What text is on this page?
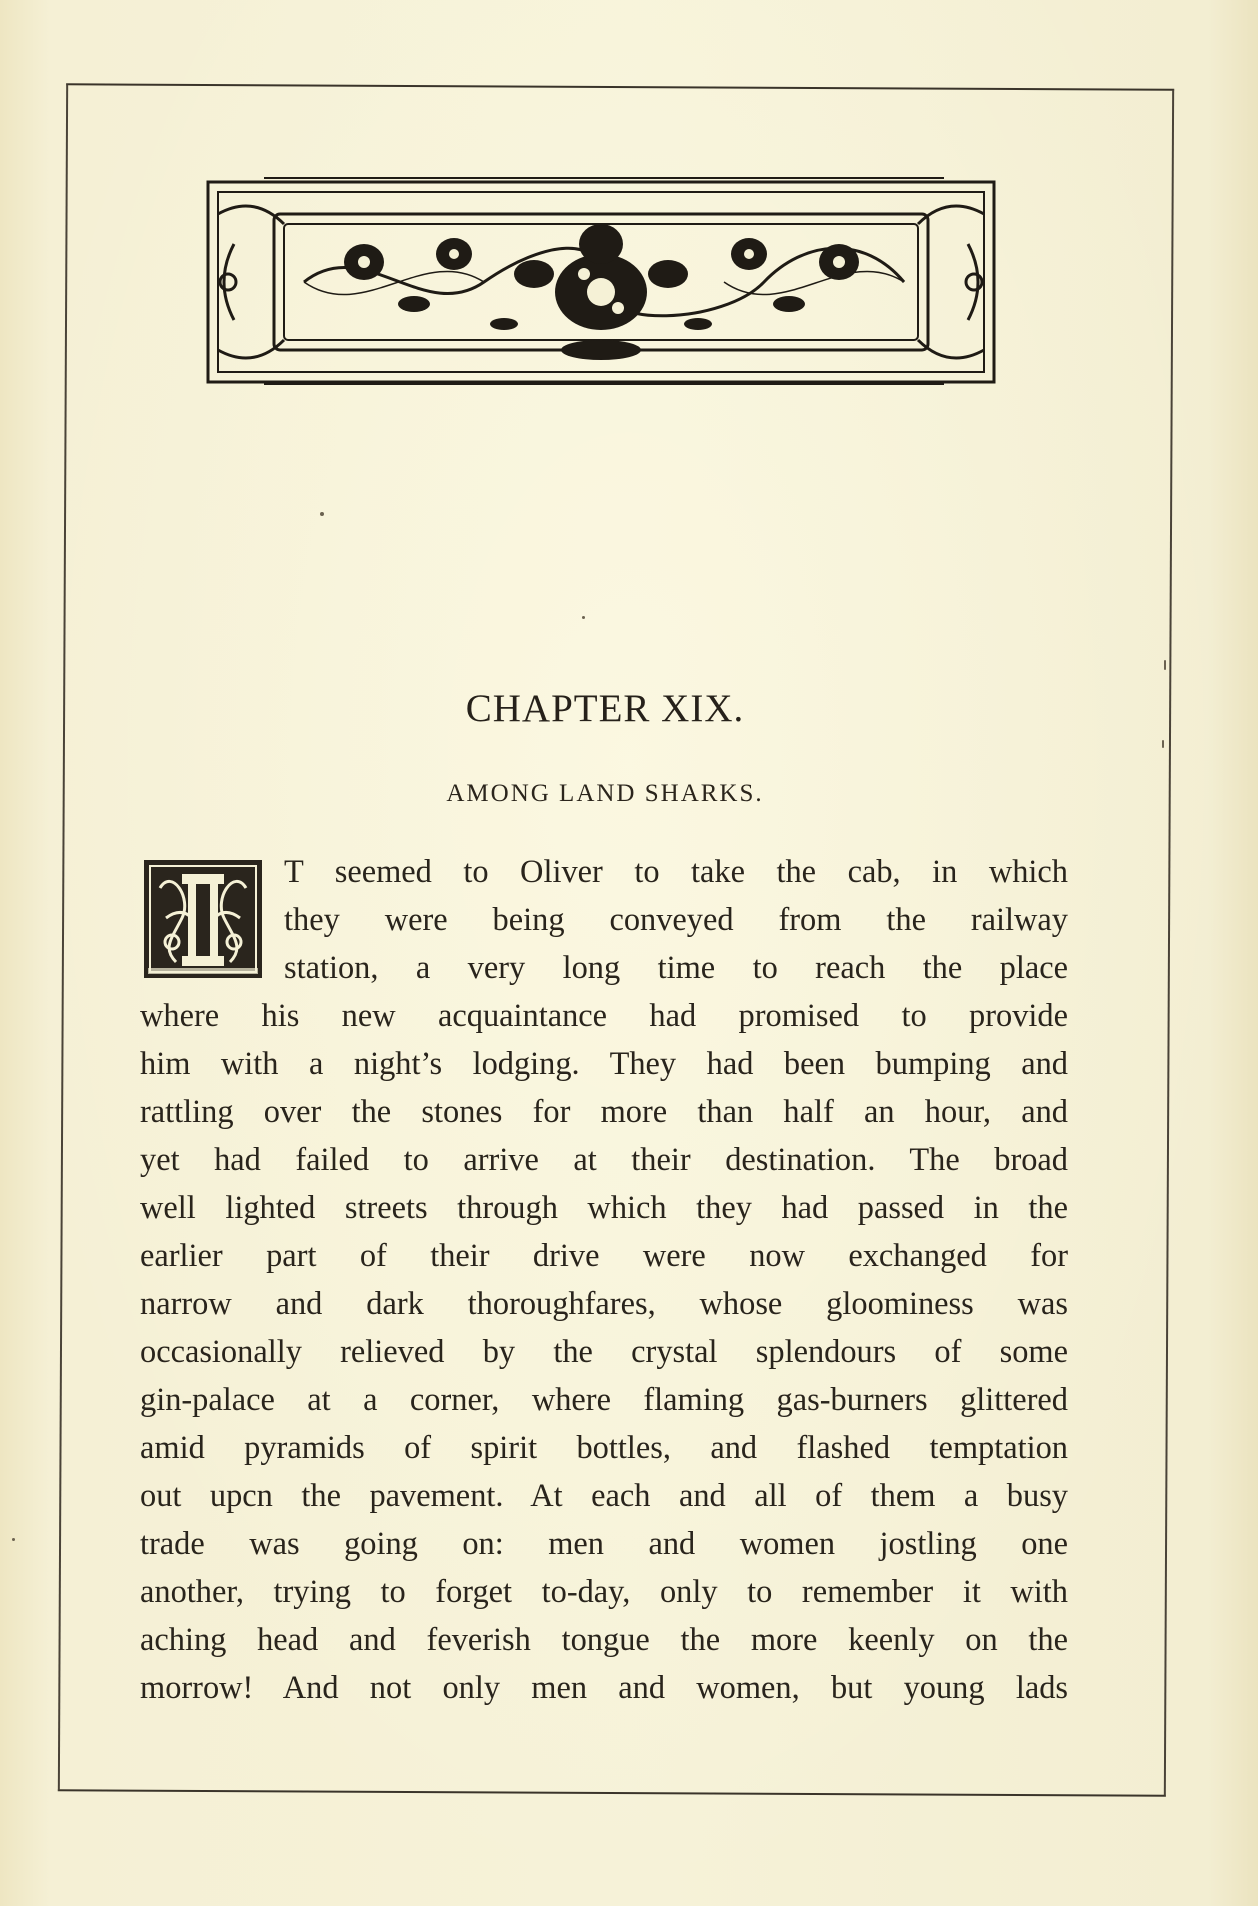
CHAPTER XIX.
AMONG LAND SHARKS.
T seemed to Oliver to take the cab, in which
they were being conveyed from the railway
station, a very long time to reach the place
where his new acquaintance had promised to provide
him with a night’s lodging. They had been bumping and
rattling over the stones for more than half an hour, and
yet had failed to arrive at their destination. The broad
well lighted streets through which they had passed in the
earlier part of their drive were now exchanged for
narrow and dark thoroughfares, whose gloominess was
occasionally relieved by the crystal splendours of some
gin-palace at a corner, where flaming gas-burners glittered
amid pyramids of spirit bottles, and flashed temptation
out upcn the pavement. At each and all of them a busy
trade was going on: men and women jostling one
another, trying to forget to-day, only to remember it with
aching head and feverish tongue the more keenly on the
morrow! And not only men and women, but young lads
